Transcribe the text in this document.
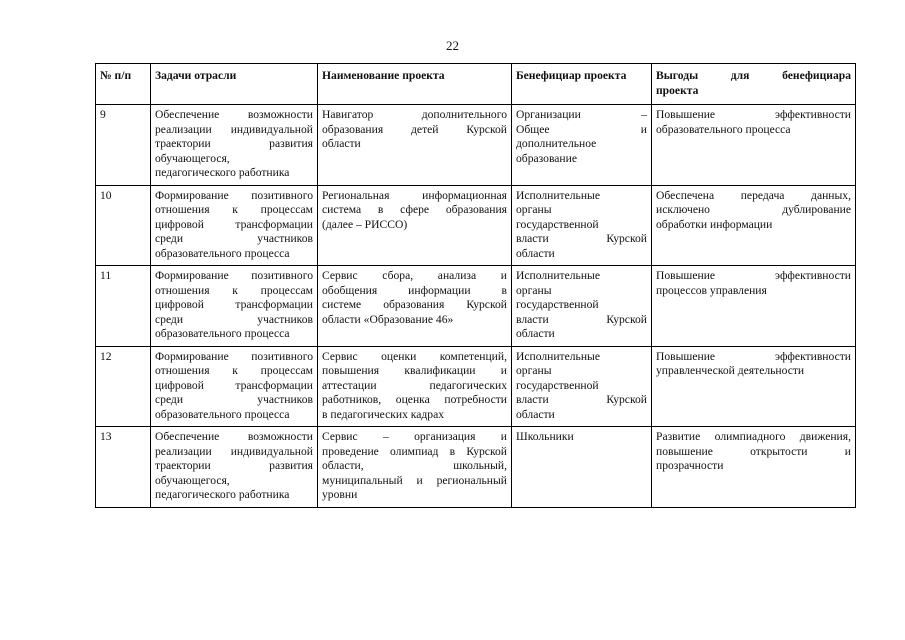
22
№ п/п	Задачи отрасли	Наименование проекта	Бенефициар проекта	Выгоды для бенефициара
проекта

9	Обеспечение возможности
реализации индивидуальной
траектории развития
обучающегося,
педагогического работника	Навигатор дополнительного
образования детей Курской
области	Организации –
Общее и
дополнительное
образование	Повышение эффективности
образовательного процесса

10	Формирование позитивного
отношения к процессам
цифровой трансформации
среди участников
образовательного процесса	Региональная информационная
система в сфере образования
(далее – РИССО)	Исполнительные
органы
государственной
власти Курской
области	Обеспечена передача данных,
исключено дублирование
обработки информации

11	Формирование позитивного
отношения к процессам
цифровой трансформации
среди участников
образовательного процесса	Сервис сбора, анализа и
обобщения информации в
системе образования Курской
области «Образование 46»	Исполнительные
органы
государственной
власти Курской
области	Повышение эффективности
процессов управления

12	Формирование позитивного
отношения к процессам
цифровой трансформации
среди участников
образовательного процесса	Сервис оценки компетенций,
повышения квалификации и
аттестации педагогических
работников, оценка потребности
в педагогических кадрах	Исполнительные
органы
государственной
власти Курской
области	Повышение эффективности
управленческой деятельности

13	Обеспечение возможности
реализации индивидуальной
траектории развития
обучающегося,
педагогического работника	Сервис – организация и
проведение олимпиад в Курской
области, школьный,
муниципальный и региональный
уровни	Школьники	Развитие олимпиадного движения,
повышение открытости и
прозрачности
